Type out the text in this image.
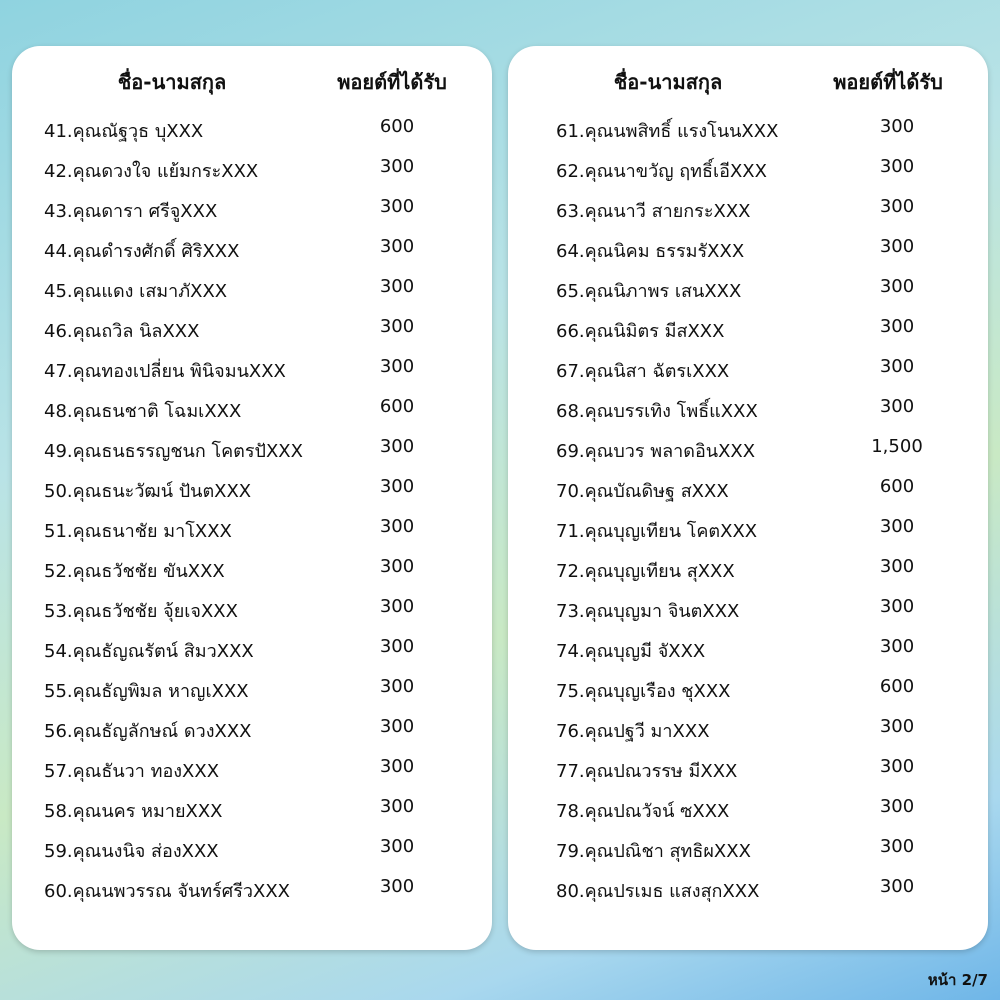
ชื่อ-นามสกุล	พอยต์ที่ได้รับ
41.คุณณัฐวุธ บุXXX	600
42.คุณดวงใจ แย้มกระXXX	300
43.คุณดารา ศรีจูXXX	300
44.คุณดำรงศักดิ์ ศิริXXX	300
45.คุณแดง เสมาภัXXX	300
46.คุณถวิล นิลXXX	300
47.คุณทองเปลี่ยน พินิจมนXXX	300
48.คุณธนชาติ โฉมเXXX	600
49.คุณธนธรรญชนก โคตรปัXXX	300
50.คุณธนะวัฒน์ ปันตXXX	300
51.คุณธนาชัย มาโXXX	300
52.คุณธวัชชัย ขันXXX	300
53.คุณธวัชชัย จุ้ยเจXXX	300
54.คุณธัญณรัตน์ สิมวXXX	300
55.คุณธัญพิมล หาญเXXX	300
56.คุณธัญลักษณ์ ดวงXXX	300
57.คุณธันวา ทองXXX	300
58.คุณนคร หมายXXX	300
59.คุณนงนิจ ส่องXXX	300
60.คุณนพวรรณ จันทร์ศรีวXXX	300
ชื่อ-นามสกุล	พอยต์ที่ได้รับ
61.คุณนพสิทธิ์ แรงโนนXXX	300
62.คุณนาขวัญ ฤทธิ์เอีXXX	300
63.คุณนาวี สายกระXXX	300
64.คุณนิคม ธรรมรัXXX	300
65.คุณนิภาพร เสนXXX	300
66.คุณนิมิตร มีสXXX	300
67.คุณนิสา ฉัตรเXXX	300
68.คุณบรรเทิง โพธิ์แXXX	300
69.คุณบวร พลาดอินXXX	1,500
70.คุณบัณดิษฐ สXXX	600
71.คุณบุญเทียน โคตXXX	300
72.คุณบุญเทียน สุXXX	300
73.คุณบุญมา จินตXXX	300
74.คุณบุญมี จัXXX	300
75.คุณบุญเรือง ชุXXX	600
76.คุณปฐวี มาXXX	300
77.คุณปณวรรษ มีXXX	300
78.คุณปณวัจน์ ซXXX	300
79.คุณปณิชา สุทธิผXXX	300
80.คุณปรเมธ แสงสุกXXX	300
หน้า 2/7
